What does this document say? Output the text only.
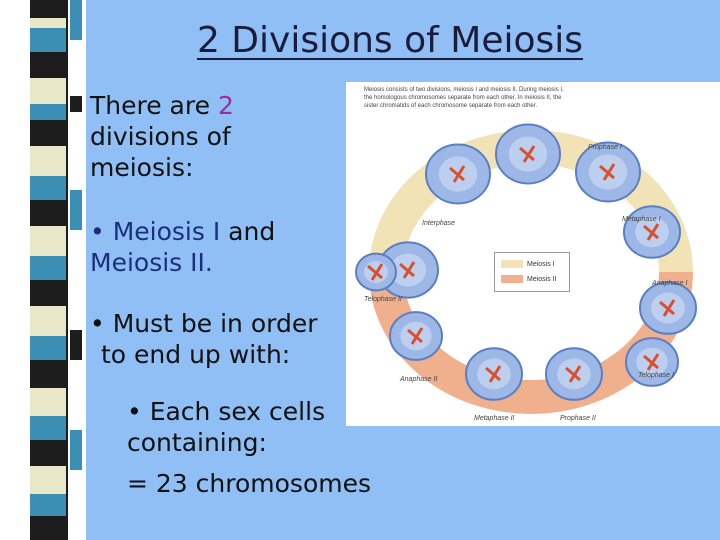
2 Divisions of Meiosis
There are 2
divisions of
meiosis:
• Meiosis I and
Meiosis II.
• Must be in order
to end up with:
• Each sex cells
containing:
= 23 chromosomes
Meiosis consists of two divisions, meiosis I and meiosis II. During meiosis I, the homologous chromosomes separate from each other. In meiosis II, the sister chromatids of each chromosome separate from each other.
Interphase
Prophase I
Metaphase I
Anaphase I
Telophase I
Prophase II
Metaphase II
Anaphase II
Telophase II
Meiosis I
Meiosis II
